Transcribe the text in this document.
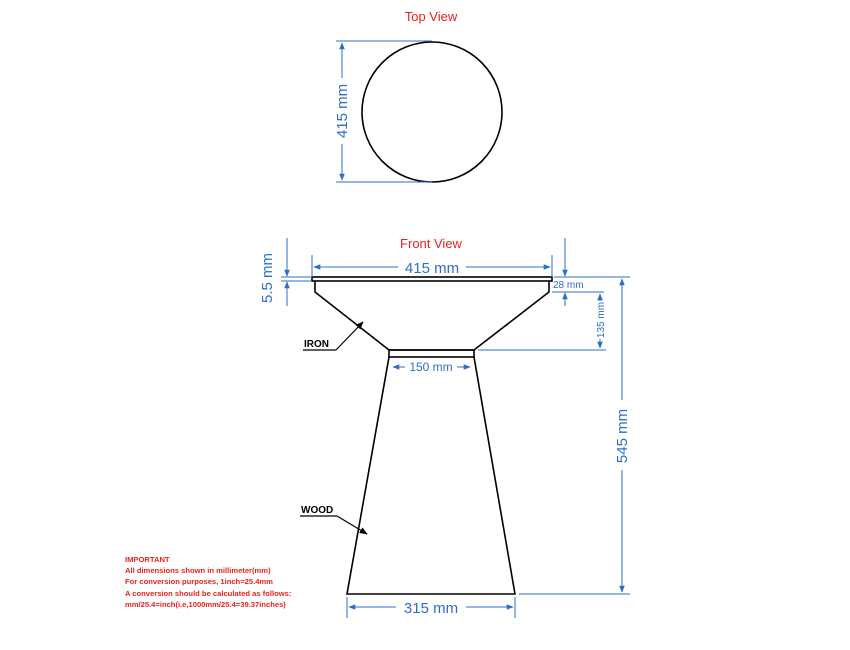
Top View
415 mm
Front View
415 mm
5.5 mm	28 mm
135 mm
150 mm
545 mm
315 mm
IRON
WOOD
IMPORTANT
All dimensions shown in millimeter(mm)
For conversion purposes, 1inch=25.4mm
A conversion should be calculated as follows:
mm/25.4=inch(i.e,1000mm/25.4=39.37inches)
